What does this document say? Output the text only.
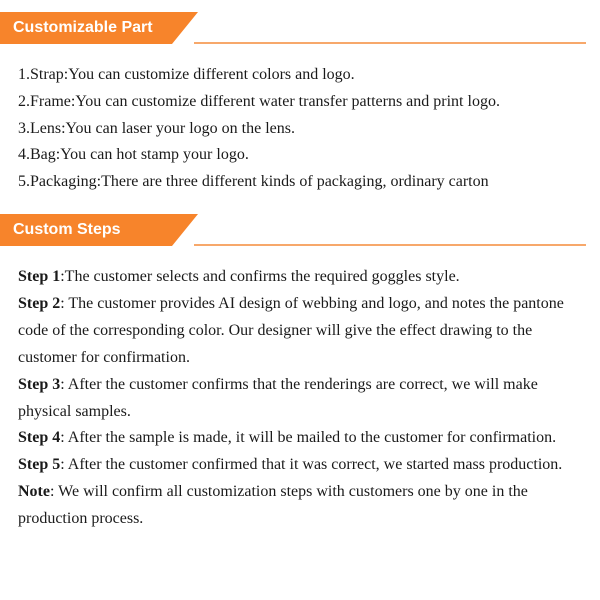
Customizable Part
1.Strap:You can customize different colors and logo.
2.Frame:You can customize different water transfer patterns and print logo.
3.Lens:You can laser your logo on the lens.
4.Bag:You can hot stamp your logo.
5.Packaging:There are three different kinds of packaging, ordinary carton
Custom Steps

Step 1:The customer selects and confirms the required goggles style.

Step 2: The customer provides AI design of webbing and logo, and notes the pantone code of the corresponding color. Our designer will give the effect drawing to the customer for confirmation.

Step 3: After the customer confirms that the renderings are correct, we will make physical samples.

Step 4: After the sample is made, it will be mailed to the customer for confirmation.

Step 5: After the customer confirmed that it was correct, we started mass production.

Note: We will confirm all customization steps with customers one by one in the production process.
